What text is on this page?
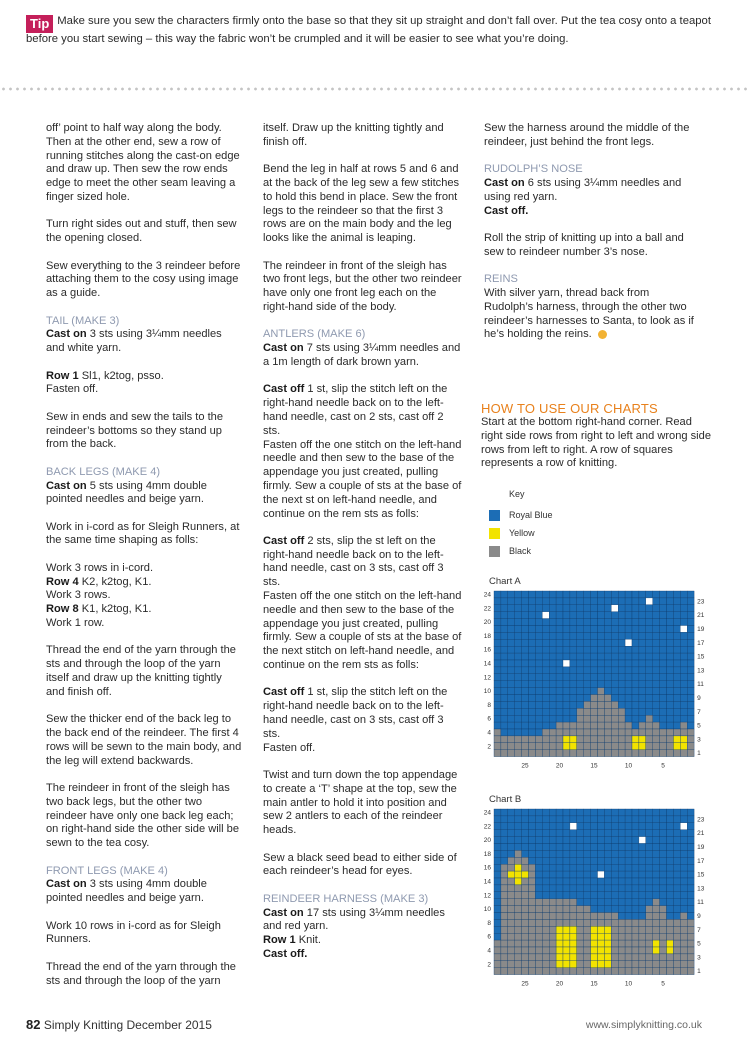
Tip Make sure you sew the characters firmly onto the base so that they sit up straight and don’t fall over. Put the tea cosy onto a teapot before you start sewing – this way the fabric won’t be crumpled and it will be easier to see what you’re doing.

off’ point to half way along the body. Then at the other end, sew a row of running stitches along the cast-on edge and draw up. Then sew the row ends edge to meet the other seam leaving a finger sized hole.

Turn right sides out and stuff, then sew the opening closed.

Sew everything to the 3 reindeer before attaching them to the cosy using image as a guide.

TAIL (MAKE 3)

Cast on 3 sts using 3¼mm needles and white yarn.

Row 1 Sl1, k2tog, psso.

Fasten off.

Sew in ends and sew the tails to the reindeer’s bottoms so they stand up from the back.

BACK LEGS (MAKE 4)

Cast on 5 sts using 4mm double pointed needles and beige yarn.

Work in i-cord as for Sleigh Runners, at the same time shaping as folls:

Work 3 rows in i-cord.

Row 4 K2, k2tog, K1.

Work 3 rows.

Row 8 K1, k2tog, K1.

Work 1 row.

Thread the end of the yarn through the sts and through the loop of the yarn itself and draw up the knitting tightly and finish off.

Sew the thicker end of the back leg to the back end of the reindeer. The first 4 rows will be sewn to the main body, and the leg will extend backwards.

The reindeer in front of the sleigh has two back legs, but the other two reindeer have only one back leg each; on right-hand side the other side will be sewn to the tea cosy.

FRONT LEGS (MAKE 4)

Cast on 3 sts using 4mm double pointed needles and beige yarn.

Work 10 rows in i-cord as for Sleigh Runners.

Thread the end of the yarn through the sts and through the loop of the yarn

itself. Draw up the knitting tightly and finish off.

Bend the leg in half at rows 5 and 6 and at the back of the leg sew a few stitches to hold this bend in place. Sew the front legs to the reindeer so that the first 3 rows are on the main body and the leg looks like the animal is leaping.

The reindeer in front of the sleigh has two front legs, but the other two reindeer have only one front leg each on the right-hand side of the body.

ANTLERS (MAKE 6)

Cast on 7 sts using 3¼mm needles and a 1m length of dark brown yarn.

Cast off 1 st, slip the stitch left on the right-hand needle back on to the left-hand needle, cast on 2 sts, cast off 2 sts.

Fasten off the one stitch on the left-hand needle and then sew to the base of the appendage you just created, pulling firmly. Sew a couple of sts at the base of the next st on left-hand needle, and continue on the rem sts as folls:

Cast off 2 sts, slip the st left on the right-hand needle back on to the left-hand needle, cast on 3 sts, cast off 3 sts.

Fasten off the one stitch on the left-hand needle and then sew to the base of the appendage you just created, pulling firmly. Sew a couple of sts at the base of the next stitch on left-hand needle, and continue on the rem sts as folls:

Cast off 1 st, slip the stitch left on the right-hand needle back on to the left-hand needle, cast on 3 sts, cast off 3 sts.

Fasten off.

Twist and turn down the top appendage to create a ‘T’ shape at the top, sew the main antler to hold it into position and sew 2 antlers to each of the reindeer heads.

Sew a black seed bead to either side of each reindeer’s head for eyes.

REINDEER HARNESS (MAKE 3)

Cast on 17 sts using 3¼mm needles and red yarn.

Row 1 Knit.

Cast off.

Sew the harness around the middle of the reindeer, just behind the front legs.

RUDOLPH’S NOSE

Cast on 6 sts using 3¼mm needles and using red yarn.

Cast off.

Roll the strip of knitting up into a ball and sew to reindeer number 3’s nose.

REINS

With silver yarn, thread back from Rudolph’s harness, through the other two reindeer’s harnesses to Santa, to look as if he’s holding the reins.

HOW TO USE OUR CHARTS
Start at the bottom right-hand corner. Read right side rows from right to left and wrong side rows from left to right. A row of squares represents a row of knitting.
Key
Royal Blue
Yellow
Black
Chart A
24
22
20
18
16
14
12
10
8
6
4
2
23
21
19
17
15
13
11
9
7
5
3
1
25	20	15	10	5
Chart B
24
22
20
18
16
14
12
10
8
6
4
2
23
21
19
17
15
13
11
9
7
5
3
1
25	20	15	10	5
82 Simply Knitting December 2015	www.simplyknitting.co.uk
